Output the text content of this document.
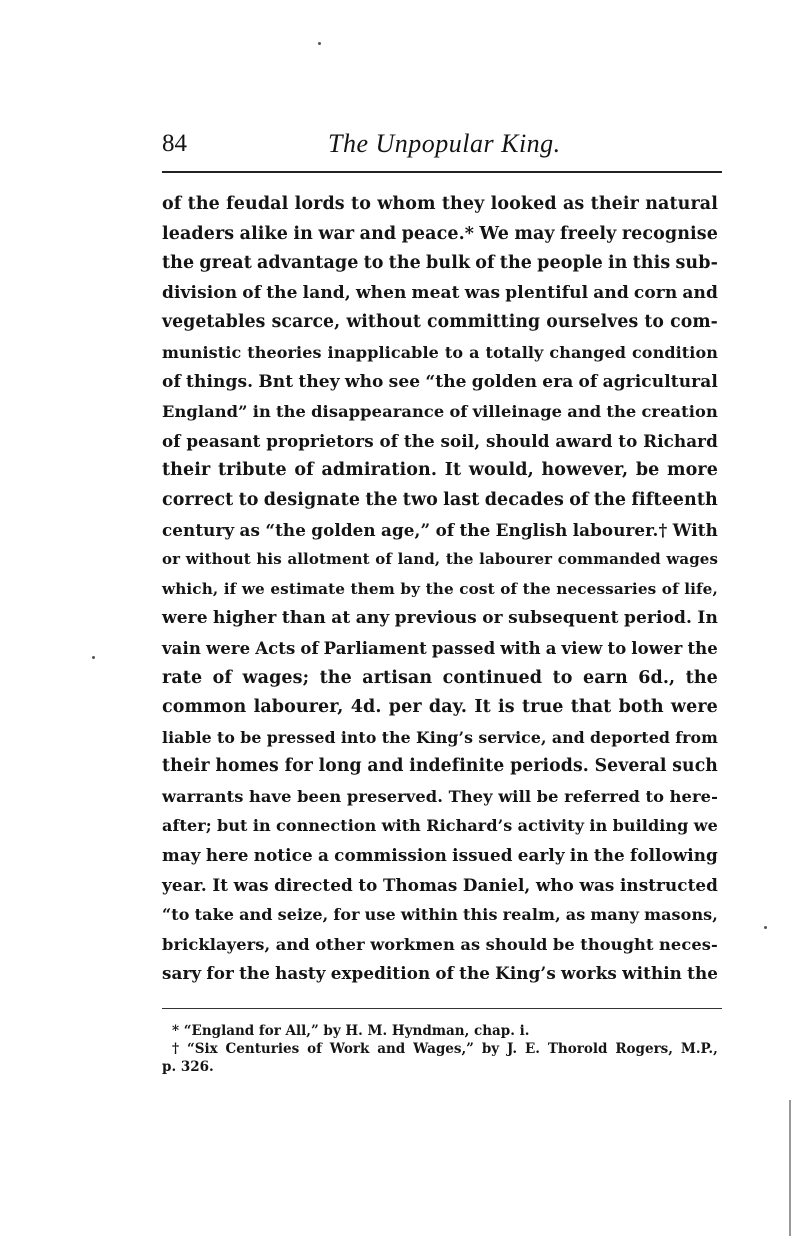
84	The Unpopular King.
of the feudal lords to whom they looked as their natural
leaders alike in war and peace.* We may freely recognise
the great advantage to the bulk of the people in this sub-
division of the land, when meat was plentiful and corn and
vegetables scarce, without committing ourselves to com-
munistic theories inapplicable to a totally changed condition
of things. Bnt they who see “the golden era of agricultural
England” in the disappearance of villeinage and the creation
of peasant proprietors of the soil, should award to Richard
their tribute of admiration. It would, however, be more
correct to designate the two last decades of the fifteenth
century as “the golden age,” of the English labourer.† With
or without his allotment of land, the labourer commanded wages
which, if we estimate them by the cost of the necessaries of life,
were higher than at any previous or subsequent period. In
vain were Acts of Parliament passed with a view to lower the
rate of wages; the artisan continued to earn 6d., the
common labourer, 4d. per day. It is true that both were
liable to be pressed into the King’s service, and deported from
their homes for long and indefinite periods. Several such
warrants have been preserved. They will be referred to here-
after; but in connection with Richard’s activity in building we
may here notice a commission issued early in the following
year. It was directed to Thomas Daniel, who was instructed
“to take and seize, for use within this realm, as many masons,
bricklayers, and other workmen as should be thought neces-
sary for the hasty expedition of the King’s works within the
* “England for All,” by H. M. Hyndman, chap. i.
† “Six Centuries of Work and Wages,” by J. E. Thorold Rogers, M.P.,
p. 326.
